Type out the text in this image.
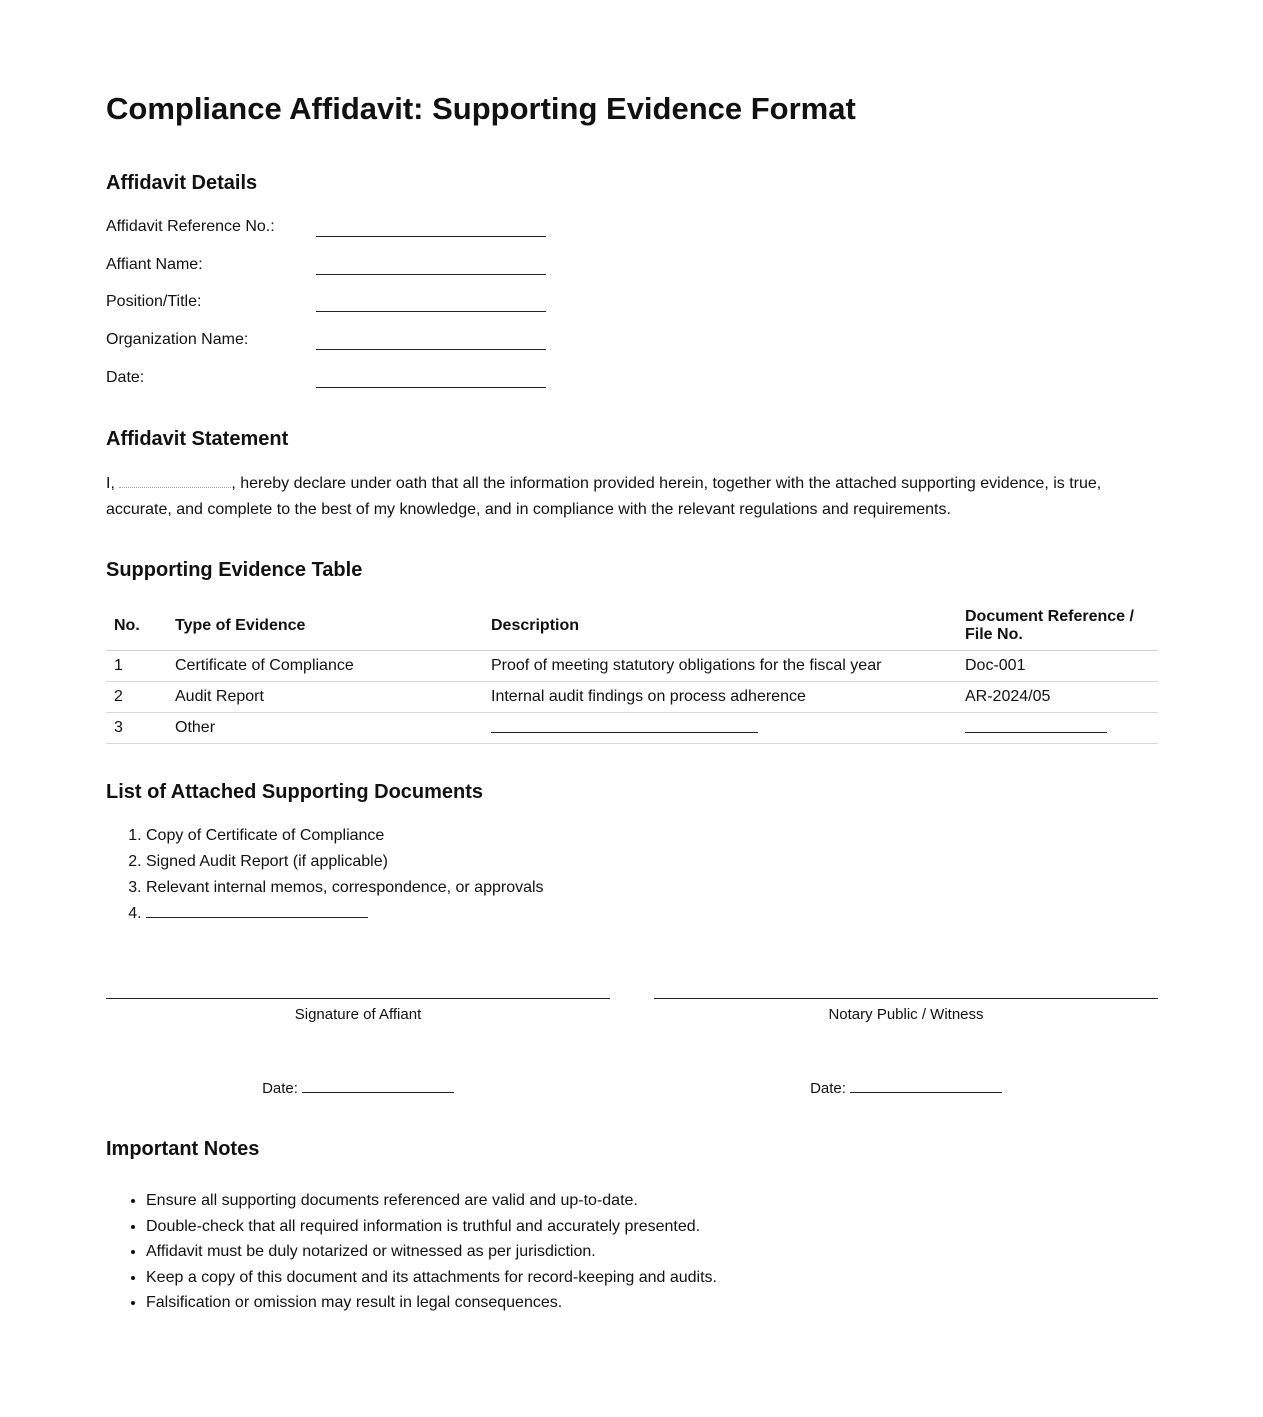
Compliance Affidavit: Supporting Evidence Format
Affidavit Details
Affidavit Reference No.:
Affiant Name:
Position/Title:
Organization Name:
Date:
Affidavit Statement

I,	, hereby declare under oath that all the information provided herein, together with the attached supporting evidence, is true, accurate, and complete to the best of my knowledge, and in compliance with the relevant regulations and requirements.

Supporting Evidence Table
No.	Type of Evidence	Description	Document Reference / File No.
1	Certificate of Compliance	Proof of meeting statutory obligations for the fiscal year	Doc-001
2	Audit Report	Internal audit findings on process adherence	AR-2024/05
3	Other		
List of Attached Supporting Documents
1. Copy of Certificate of Compliance
2. Signed Audit Report (if applicable)
3. Relevant internal memos, correspondence, or approvals
4.
Signature of Affiant
Date:
Notary Public / Witness
Date:
Important Notes
• Ensure all supporting documents referenced are valid and up-to-date.
• Double-check that all required information is truthful and accurately presented.
• Affidavit must be duly notarized or witnessed as per jurisdiction.
• Keep a copy of this document and its attachments for record-keeping and audits.
• Falsification or omission may result in legal consequences.
